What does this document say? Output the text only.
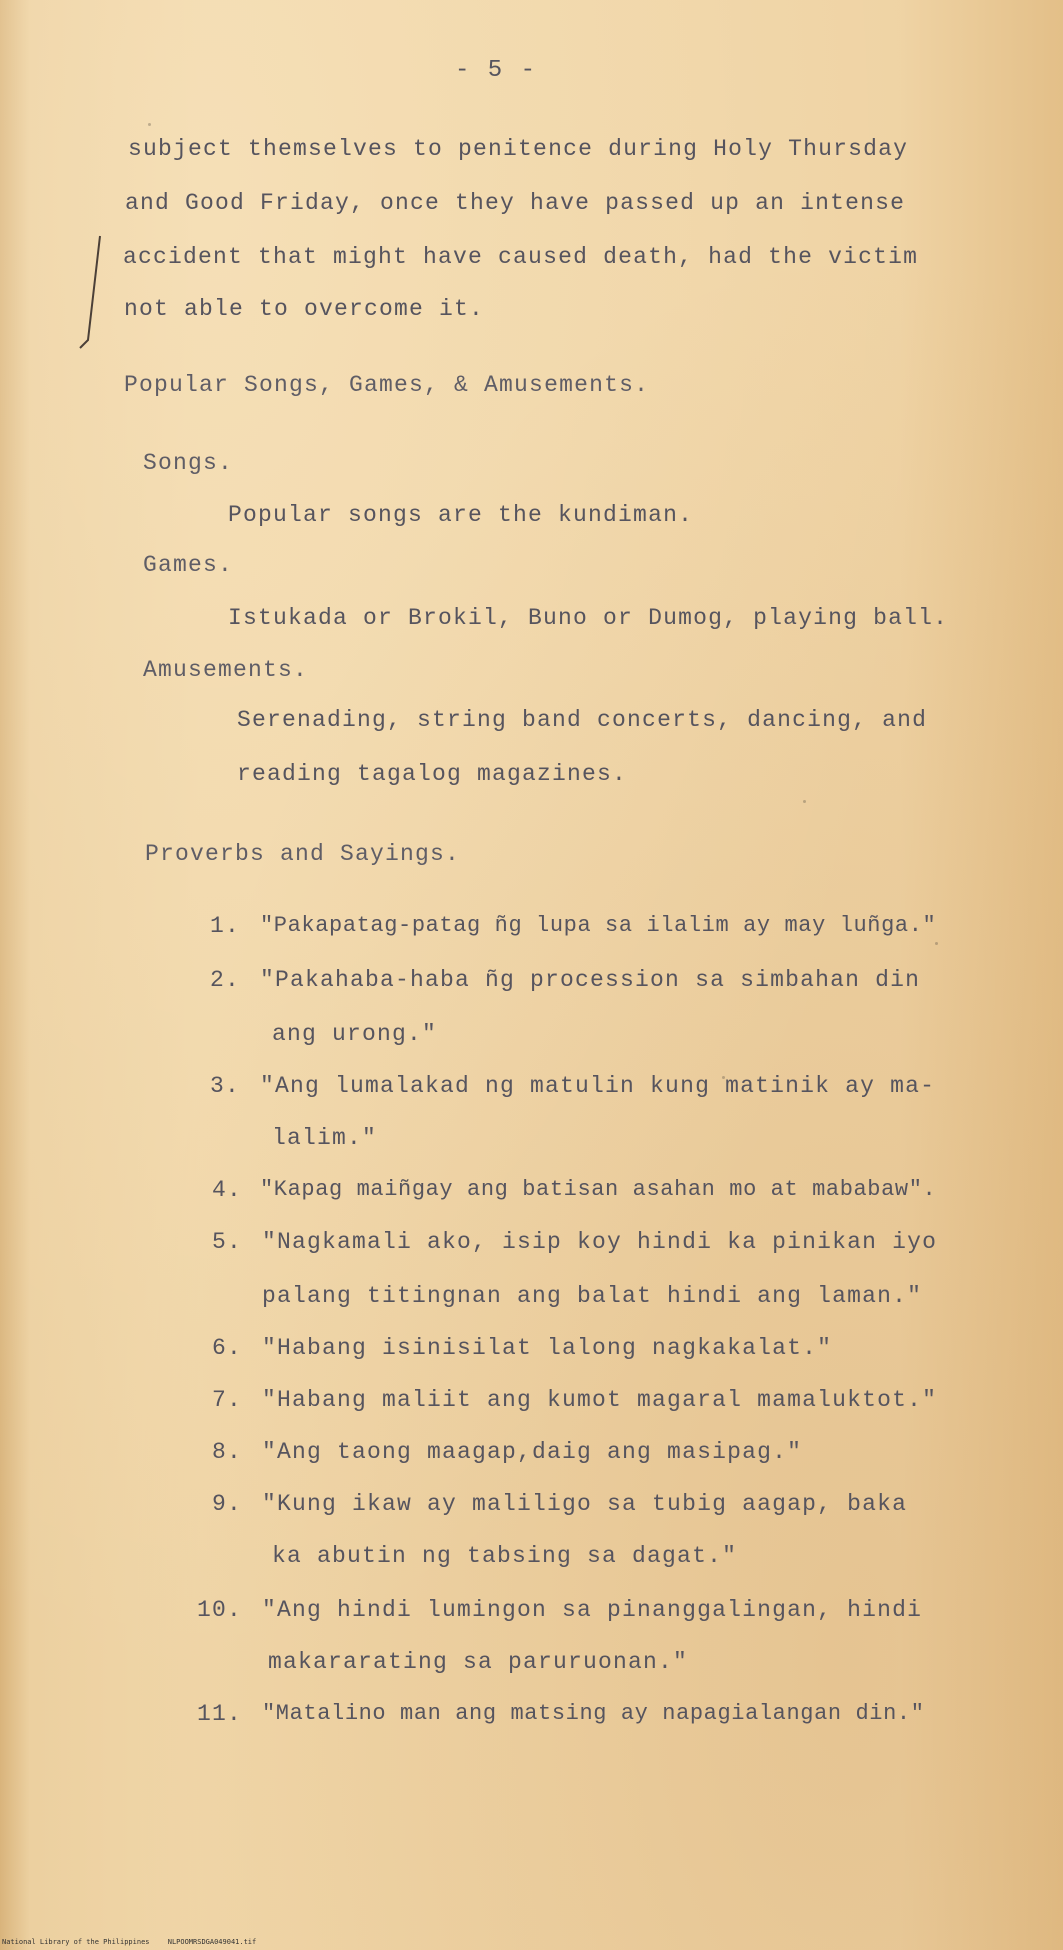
- 5 -
subject themselves to penitence during Holy Thursday
and Good Friday, once they have passed up an intense
accident that might have caused death, had the victim
not able to overcome it.
Popular Songs, Games, & Amusements.
Songs.
Popular songs are the kundiman.
Games.
Istukada or Brokil, Buno or Dumog, playing ball.
Amusements.
Serenading, string band concerts, dancing, and
reading tagalog magazines.
Proverbs and Sayings.
1. "Pakapatag-patag ñg lupa sa ilalim ay may luñga."
2. "Pakahaba-haba ñg procession sa simbahan din
ang urong."
3. "Ang lumalakad ng matulin kung matinik ay ma-
lalim."
4. "Kapag maiñgay ang batisan asahan mo at mababaw".
5. "Nagkamali ako, isip koy hindi ka pinikan iyo
palang titingnan ang balat hindi ang laman."
6. "Habang isinisilat lalong nagkakalat."
7. "Habang maliit ang kumot magaral mamaluktot."
8. "Ang taong maagap,daig ang masipag."
9. "Kung ikaw ay maliligo sa tubig aagap, baka
ka abutin ng tabsing sa dagat."
10. "Ang hindi lumingon sa pinanggalingan, hindi
makararating sa paruruonan."
11. "Matalino man ang matsing ay napagialangan din."
National Library of the Philippines	NLPOOMRSDGA049041.tif
